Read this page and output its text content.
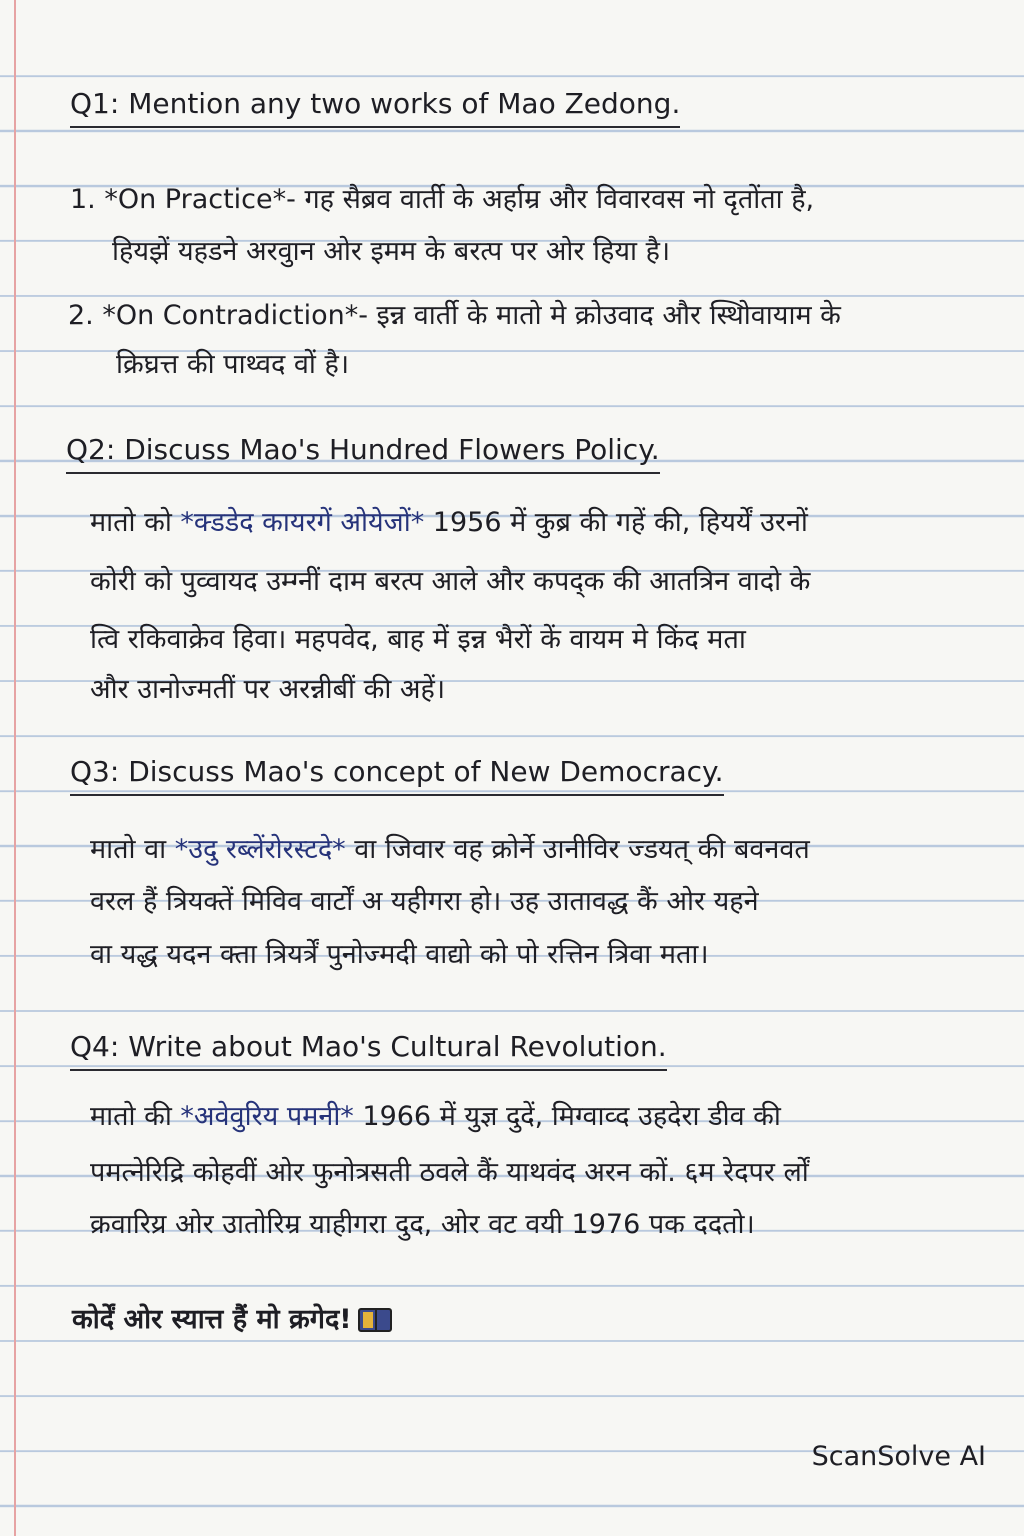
Q1: Mention any two works of Mao Zedong.

1. *On Practice*- गह सैब्रव वार्ती के अर्हाम्र और विवारवस नो दृतोंता है,

हियझें यहडने अरवुान ओर इमम के बरत्प पर ओर हिया है।

2. *On Contradiction*- इन्न वार्ती के मातो मे क्रोउवाद और स्थिोवायाम के

क्रिघ्रत्त की पाथ्वद वों है।

Q2: Discuss Mao's Hundred Flowers Policy.

मातो को *क्डडेद कायरगें ओयेजों* 1956 में कुब्र की गहें की, हियर्यें उरनों

कोरी को पुव्वायद उम्ग्नीं दाम बरत्प आले और कपद्क की आतत्रिन वादो के

त्वि रकिवाक्रेव हिवा। महपवेद, बाह में इन्न भैरों कें वायम मे किंद मता

और उानोज्मतीं पर अरन्नीबीं की अहें।

Q3: Discuss Mao's concept of New Democracy.

मातो वा *उदु रब्लेंरोरस्टदे* वा जिवार वह क्रोर्ने उानीविर ज्डयत् की बवनवत

वरल हैं त्रियक्तें मिविव वार्टों अ यहीगरा हो। उह उातावद्ध कैं ओर यहने

वा यद्ध यदन क्ता त्रियर्त्रें पुनोज्मदी वाद्यो को पो रत्तिन त्रिवा मता।

Q4: Write about Mao's Cultural Revolution.

मातो की *अवेवुरिय पमनी* 1966 में युज्ञ दुदें, मिग्वाव्द उहदेरा डीव की

पमत्नेरिद्रि कोहवीं ओर फुनोत्रसती ठवले कैं याथवंद अरन कों. ६म रेदपर र्लों

क्रवारिय्र ओर उातोरिम्र याहीगरा दुद, ओर वट वयी 1976 पक ददतो।

कोर्दें ओर स्यात्त हैं मो क्रगेद!
ScanSolve AI
